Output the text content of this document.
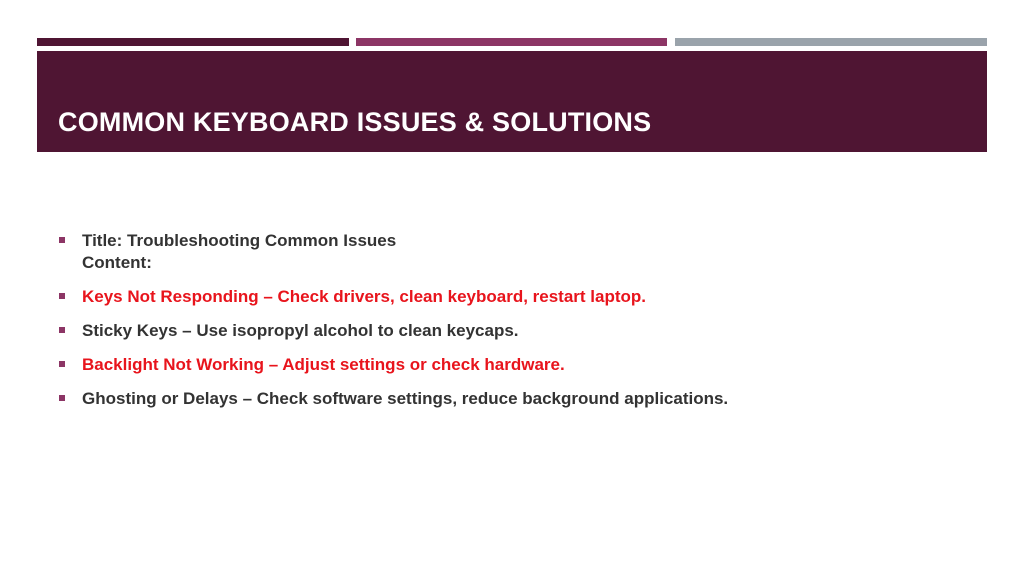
COMMON KEYBOARD ISSUES & SOLUTIONS
Title: Troubleshooting Common Issues
Content:
Keys Not Responding – Check drivers, clean keyboard, restart laptop.
Sticky Keys – Use isopropyl alcohol to clean keycaps.
Backlight Not Working – Adjust settings or check hardware.
Ghosting or Delays – Check software settings, reduce background applications.
